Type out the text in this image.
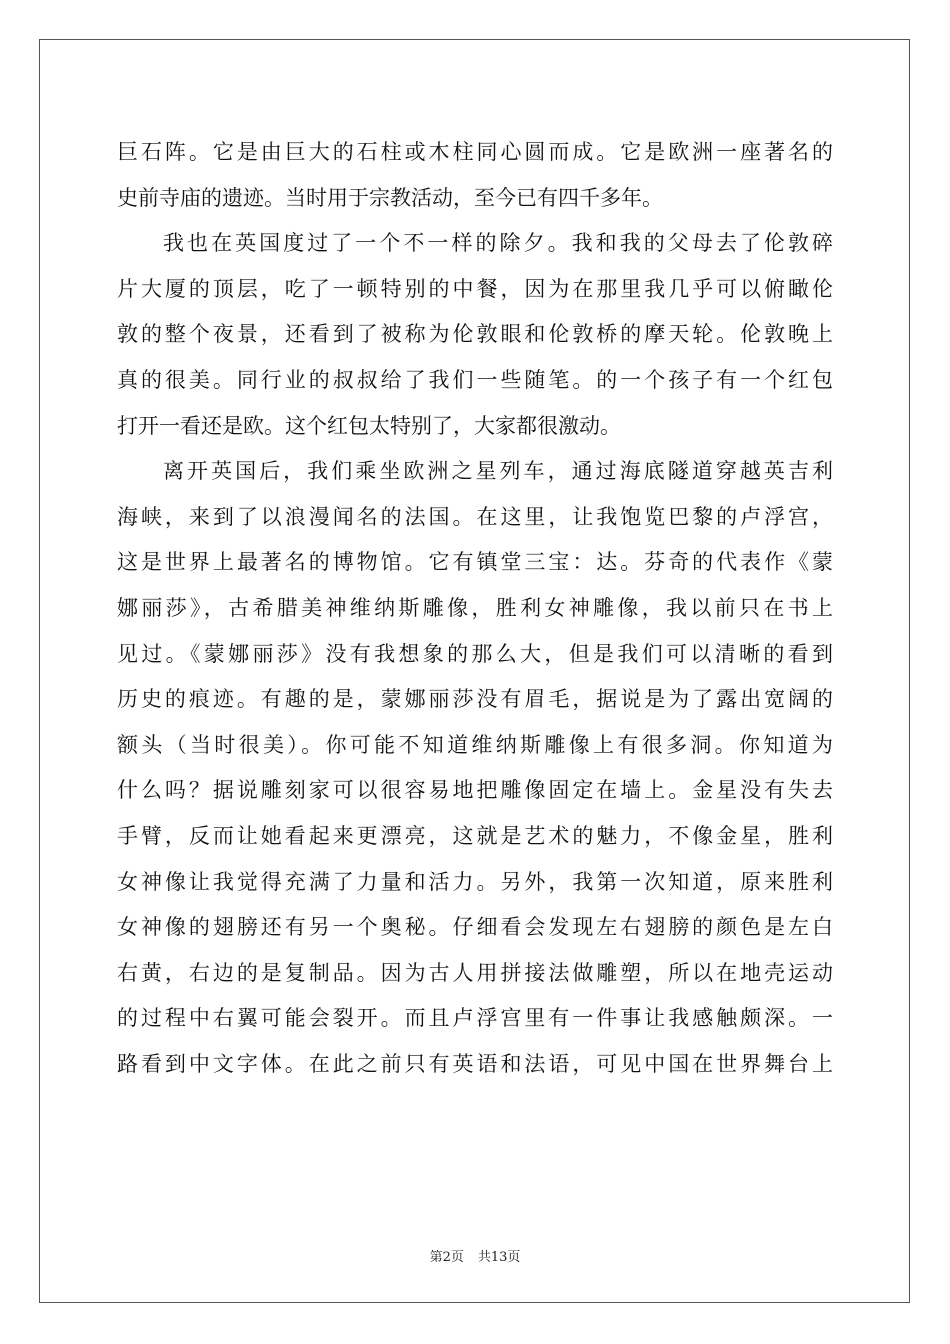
巨石阵。它是由巨大的石柱或木柱同心圆而成。它是欧洲一座著名的
史前寺庙的遗迹。当时用于宗教活动，至今已有四千多年。
我也在英国度过了一个不一样的除夕。我和我的父母去了伦敦碎
片大厦的顶层，吃了一顿特别的中餐，因为在那里我几乎可以俯瞰伦
敦的整个夜景，还看到了被称为伦敦眼和伦敦桥的摩天轮。伦敦晚上
真的很美。同行业的叔叔给了我们一些随笔。的一个孩子有一个红包
打开一看还是欧。这个红包太特别了，大家都很激动。
离开英国后，我们乘坐欧洲之星列车，通过海底隧道穿越英吉利
海峡，来到了以浪漫闻名的法国。在这里，让我饱览巴黎的卢浮宫，
这是世界上最著名的博物馆。它有镇堂三宝：达。芬奇的代表作《蒙
娜丽莎》，古希腊美神维纳斯雕像，胜利女神雕像，我以前只在书上
见过。《蒙娜丽莎》没有我想象的那么大，但是我们可以清晰的看到
历史的痕迹。有趣的是，蒙娜丽莎没有眉毛，据说是为了露出宽阔的
额头（当时很美）。你可能不知道维纳斯雕像上有很多洞。你知道为
什么吗？据说雕刻家可以很容易地把雕像固定在墙上。金星没有失去
手臂，反而让她看起来更漂亮，这就是艺术的魅力，不像金星，胜利
女神像让我觉得充满了力量和活力。另外，我第一次知道，原来胜利
女神像的翅膀还有另一个奥秘。仔细看会发现左右翅膀的颜色是左白
右黄，右边的是复制品。因为古人用拼接法做雕塑，所以在地壳运动
的过程中右翼可能会裂开。而且卢浮宫里有一件事让我感触颇深。一
路看到中文字体。在此之前只有英语和法语，可见中国在世界舞台上
第2页 共13页
